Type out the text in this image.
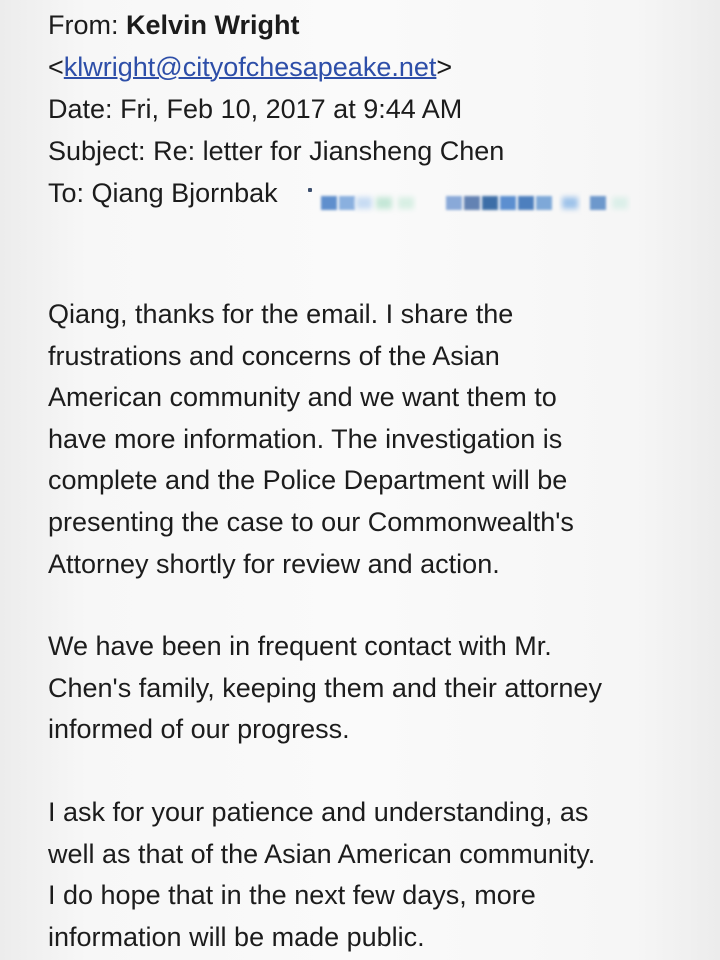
From: Kelvin Wright
<klwright@cityofchesapeake.net>
Date: Fri, Feb 10, 2017 at 9:44 AM
Subject: Re: letter for Jiansheng Chen
To: Qiang Bjornbak
Qiang, thanks for the email. I share the
frustrations and concerns of the Asian
American community and we want them to
have more information. The investigation is
complete and the Police Department will be
presenting the case to our Commonwealth's
Attorney shortly for review and action.
We have been in frequent contact with Mr.
Chen's family, keeping them and their attorney
informed of our progress.
I ask for your patience and understanding, as
well as that of the Asian American community.
I do hope that in the next few days, more
information will be made public.
